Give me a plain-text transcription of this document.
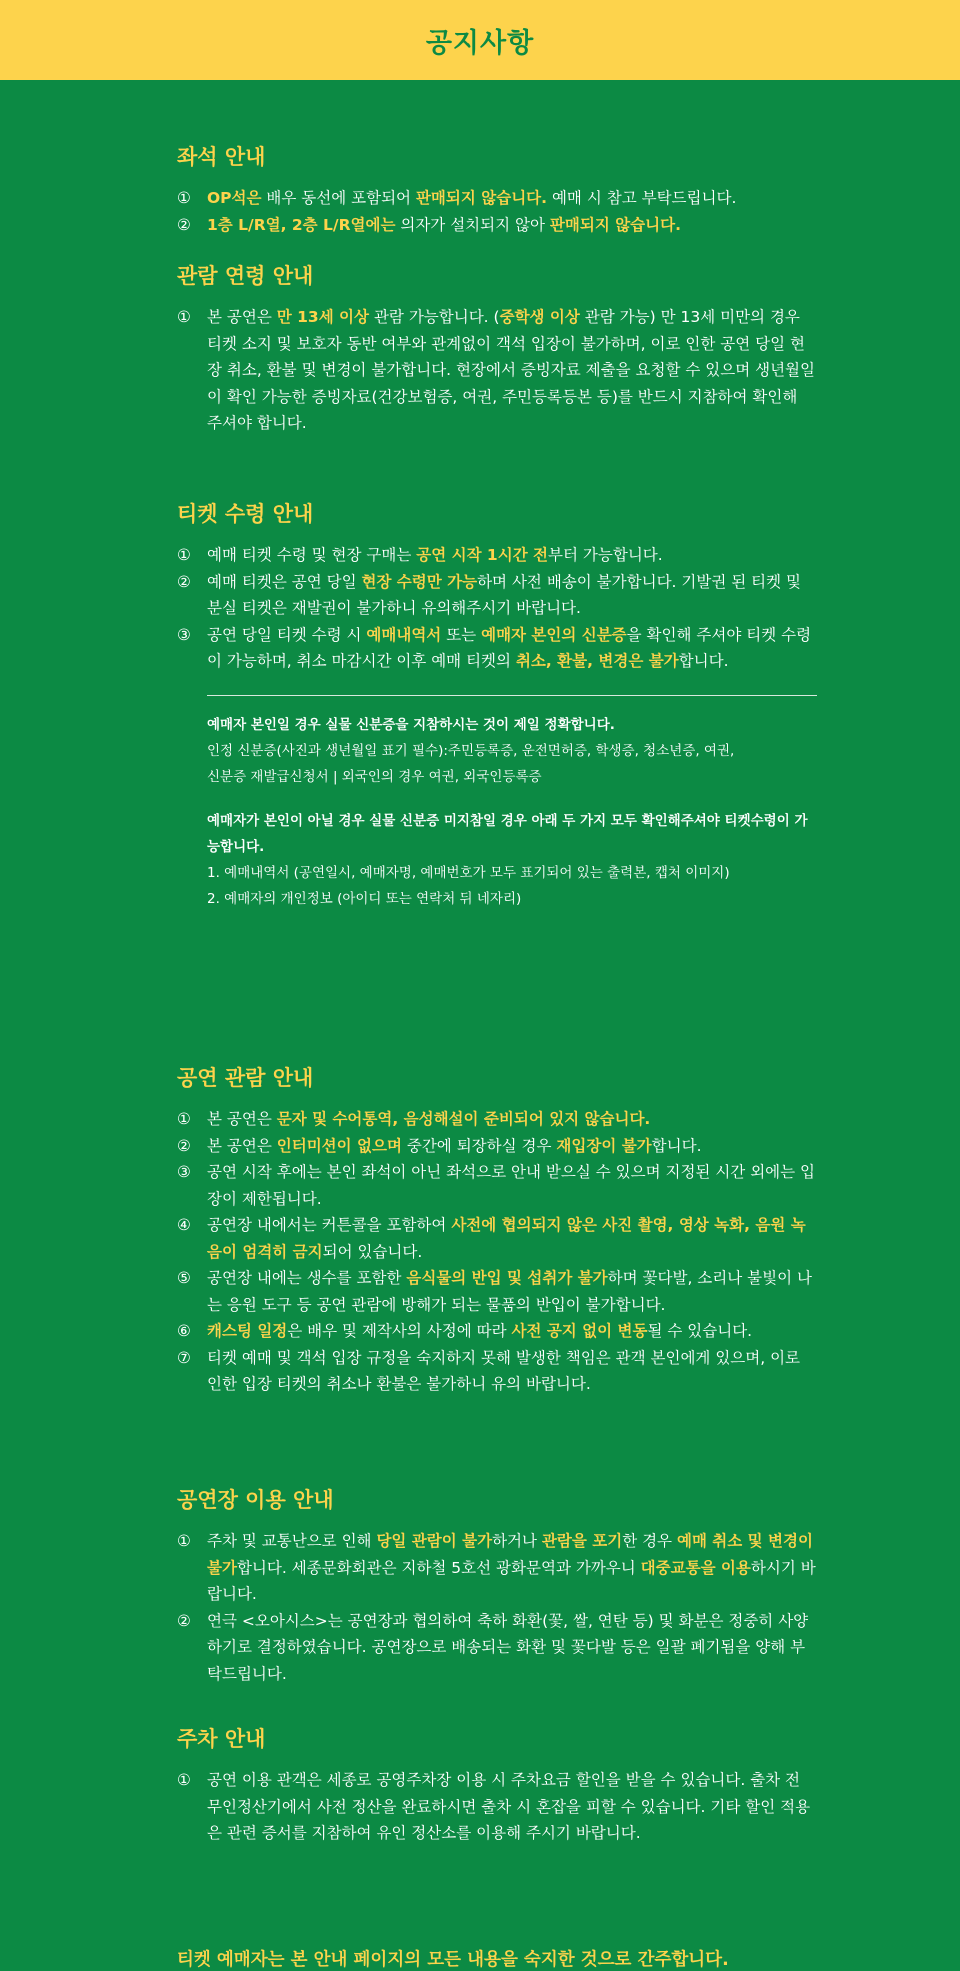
공지사항
좌석 안내
①	OP석은 배우 동선에 포함되어 판매되지 않습니다. 예매 시 참고 부탁드립니다.
②	1층 L/R열, 2층 L/R열에는 의자가 설치되지 않아 판매되지 않습니다.
관람 연령 안내
①	본 공연은 만 13세 이상 관람 가능합니다. (중학생 이상 관람 가능) 만 13세 미만의 경우 티켓 소지 및 보호자 동반 여부와 관계없이 객석 입장이 불가하며, 이로 인한 공연 당일 현장 취소, 환불 및 변경이 불가합니다. 현장에서 증빙자료 제출을 요청할 수 있으며 생년월일이 확인 가능한 증빙자료(건강보험증, 여권, 주민등록등본 등)를 반드시 지참하여 확인해 주셔야 합니다.
티켓 수령 안내
①	예매 티켓 수령 및 현장 구매는 공연 시작 1시간 전부터 가능합니다.
②	예매 티켓은 공연 당일 현장 수령만 가능하며 사전 배송이 불가합니다. 기발권 된 티켓 및 분실 티켓은 재발권이 불가하니 유의해주시기 바랍니다.
③	공연 당일 티켓 수령 시 예매내역서 또는 예매자 본인의 신분증을 확인해 주셔야 티켓 수령이 가능하며, 취소 마감시간 이후 예매 티켓의 취소, 환불, 변경은 불가합니다.
예매자 본인일 경우 실물 신분증을 지참하시는 것이 제일 정확합니다.
인정 신분증(사진과 생년월일 표기 필수):주민등록증, 운전면허증, 학생증, 청소년증, 여권,
신분증 재발급신청서 | 외국인의 경우 여권, 외국인등록증
예매자가 본인이 아닐 경우 실물 신분증 미지참일 경우 아래 두 가지 모두 확인해주셔야 티켓수령이 가능합니다.
1. 예매내역서 (공연일시, 예매자명, 예매번호가 모두 표기되어 있는 출력본, 캡처 이미지)
2. 예매자의 개인정보 (아이디 또는 연락처 뒤 네자리)
공연 관람 안내
①	본 공연은 문자 및 수어통역, 음성해설이 준비되어 있지 않습니다.
②	본 공연은 인터미션이 없으며 중간에 퇴장하실 경우 재입장이 불가합니다.
③	공연 시작 후에는 본인 좌석이 아닌 좌석으로 안내 받으실 수 있으며 지정된 시간 외에는 입장이 제한됩니다.
④	공연장 내에서는 커튼콜을 포함하여 사전에 협의되지 않은 사진 촬영, 영상 녹화, 음원 녹음이 엄격히 금지되어 있습니다.
⑤	공연장 내에는 생수를 포함한 음식물의 반입 및 섭취가 불가하며 꽃다발, 소리나 불빛이 나는 응원 도구 등 공연 관람에 방해가 되는 물품의 반입이 불가합니다.
⑥	캐스팅 일정은 배우 및 제작사의 사정에 따라 사전 공지 없이 변동될 수 있습니다.
⑦	티켓 예매 및 객석 입장 규정을 숙지하지 못해 발생한 책임은 관객 본인에게 있으며, 이로 인한 입장 티켓의 취소나 환불은 불가하니 유의 바랍니다.
공연장 이용 안내
①	주차 및 교통난으로 인해 당일 관람이 불가하거나 관람을 포기한 경우 예매 취소 및 변경이 불가합니다. 세종문화회관은 지하철 5호선 광화문역과 가까우니 대중교통을 이용하시기 바랍니다.
②	연극 <오아시스>는 공연장과 협의하여 축하 화환(꽃, 쌀, 연탄 등) 및 화분은 정중히 사양하기로 결정하였습니다. 공연장으로 배송되는 화환 및 꽃다발 등은 일괄 폐기됨을 양해 부탁드립니다.
주차 안내
①	공연 이용 관객은 세종로 공영주차장 이용 시 주차요금 할인을 받을 수 있습니다. 출차 전 무인정산기에서 사전 정산을 완료하시면 출차 시 혼잡을 피할 수 있습니다. 기타 할인 적용은 관련 증서를 지참하여 유인 정산소를 이용해 주시기 바랍니다.
티켓 예매자는 본 안내 페이지의 모든 내용을 숙지한 것으로 간주합니다.
